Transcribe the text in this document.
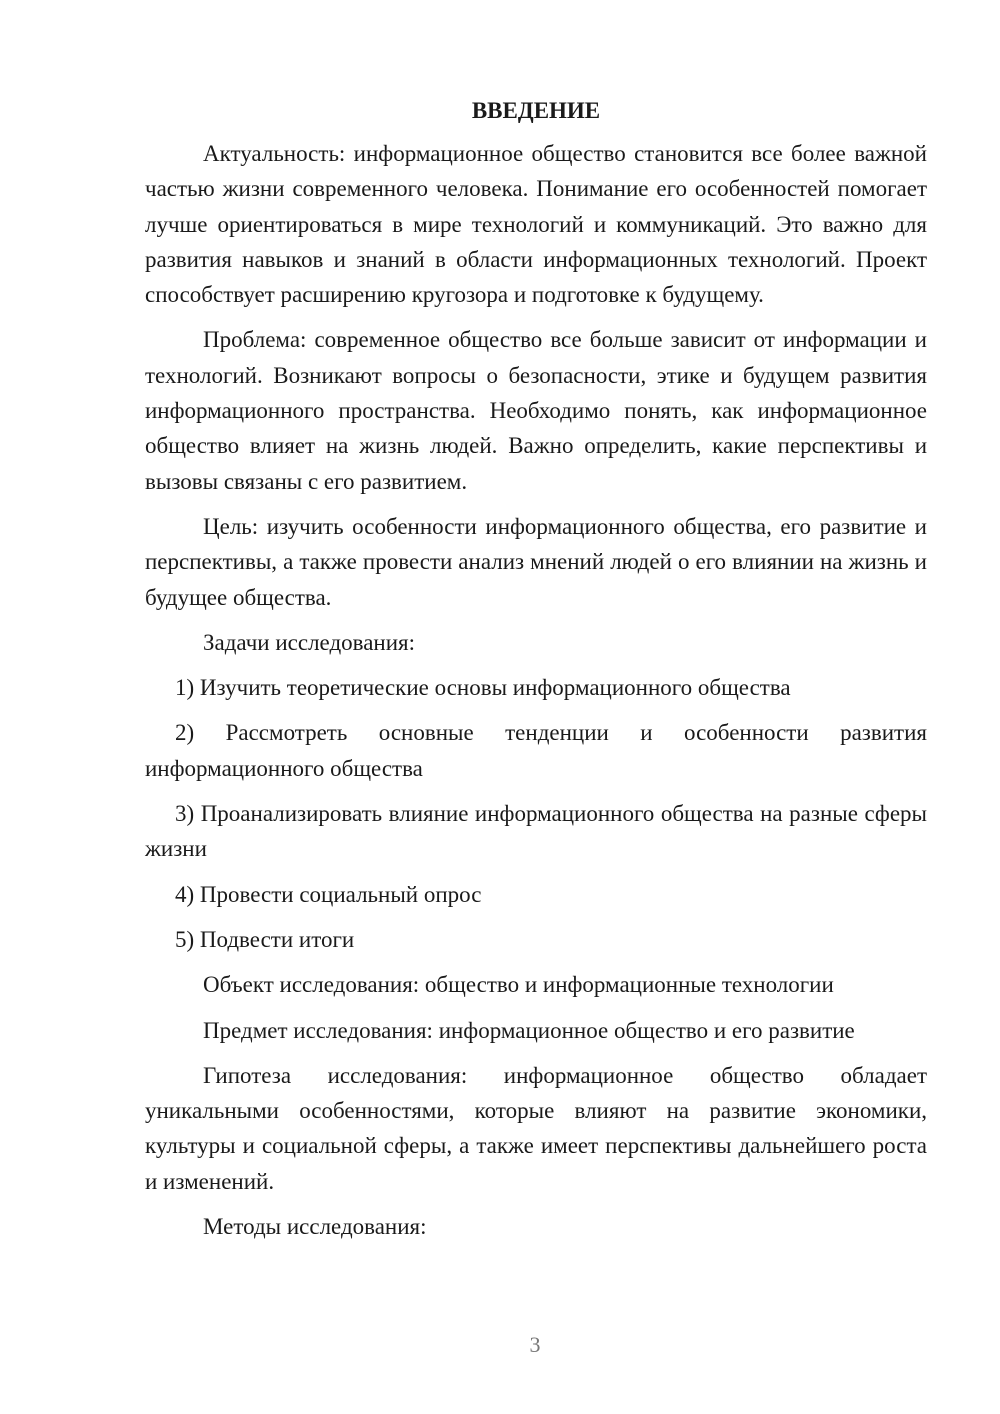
ВВЕДЕНИЕ

Актуальность: информационное общество становится все более важной частью жизни современного человека. Понимание его особенностей помогает лучше ориентироваться в мире технологий и коммуникаций. Это важно для развития навыков и знаний в области информационных технологий. Проект способствует расширению кругозора и подготовке к будущему.

Проблема: современное общество все больше зависит от информации и технологий. Возникают вопросы о безопасности, этике и будущем развития информационного пространства. Необходимо понять, как информационное общество влияет на жизнь людей. Важно определить, какие перспективы и вызовы связаны с его развитием.

Цель: изучить особенности информационного общества, его развитие и перспективы, а также провести анализ мнений людей о его влиянии на жизнь и будущее общества.

Задачи исследования:

1) Изучить теоретические основы информационного общества

2) Рассмотреть основные тенденции и особенности развития информационного общества

3) Проанализировать влияние информационного общества на разные сферы жизни

4) Провести социальный опрос

5) Подвести итоги

Объект исследования: общество и информационные технологии

Предмет исследования: информационное общество и его развитие

Гипотеза исследования: информационное общество обладает уникальными особенностями, которые влияют на развитие экономики, культуры и социальной сферы, а также имеет перспективы дальнейшего роста и изменений.

Методы исследования:

3
